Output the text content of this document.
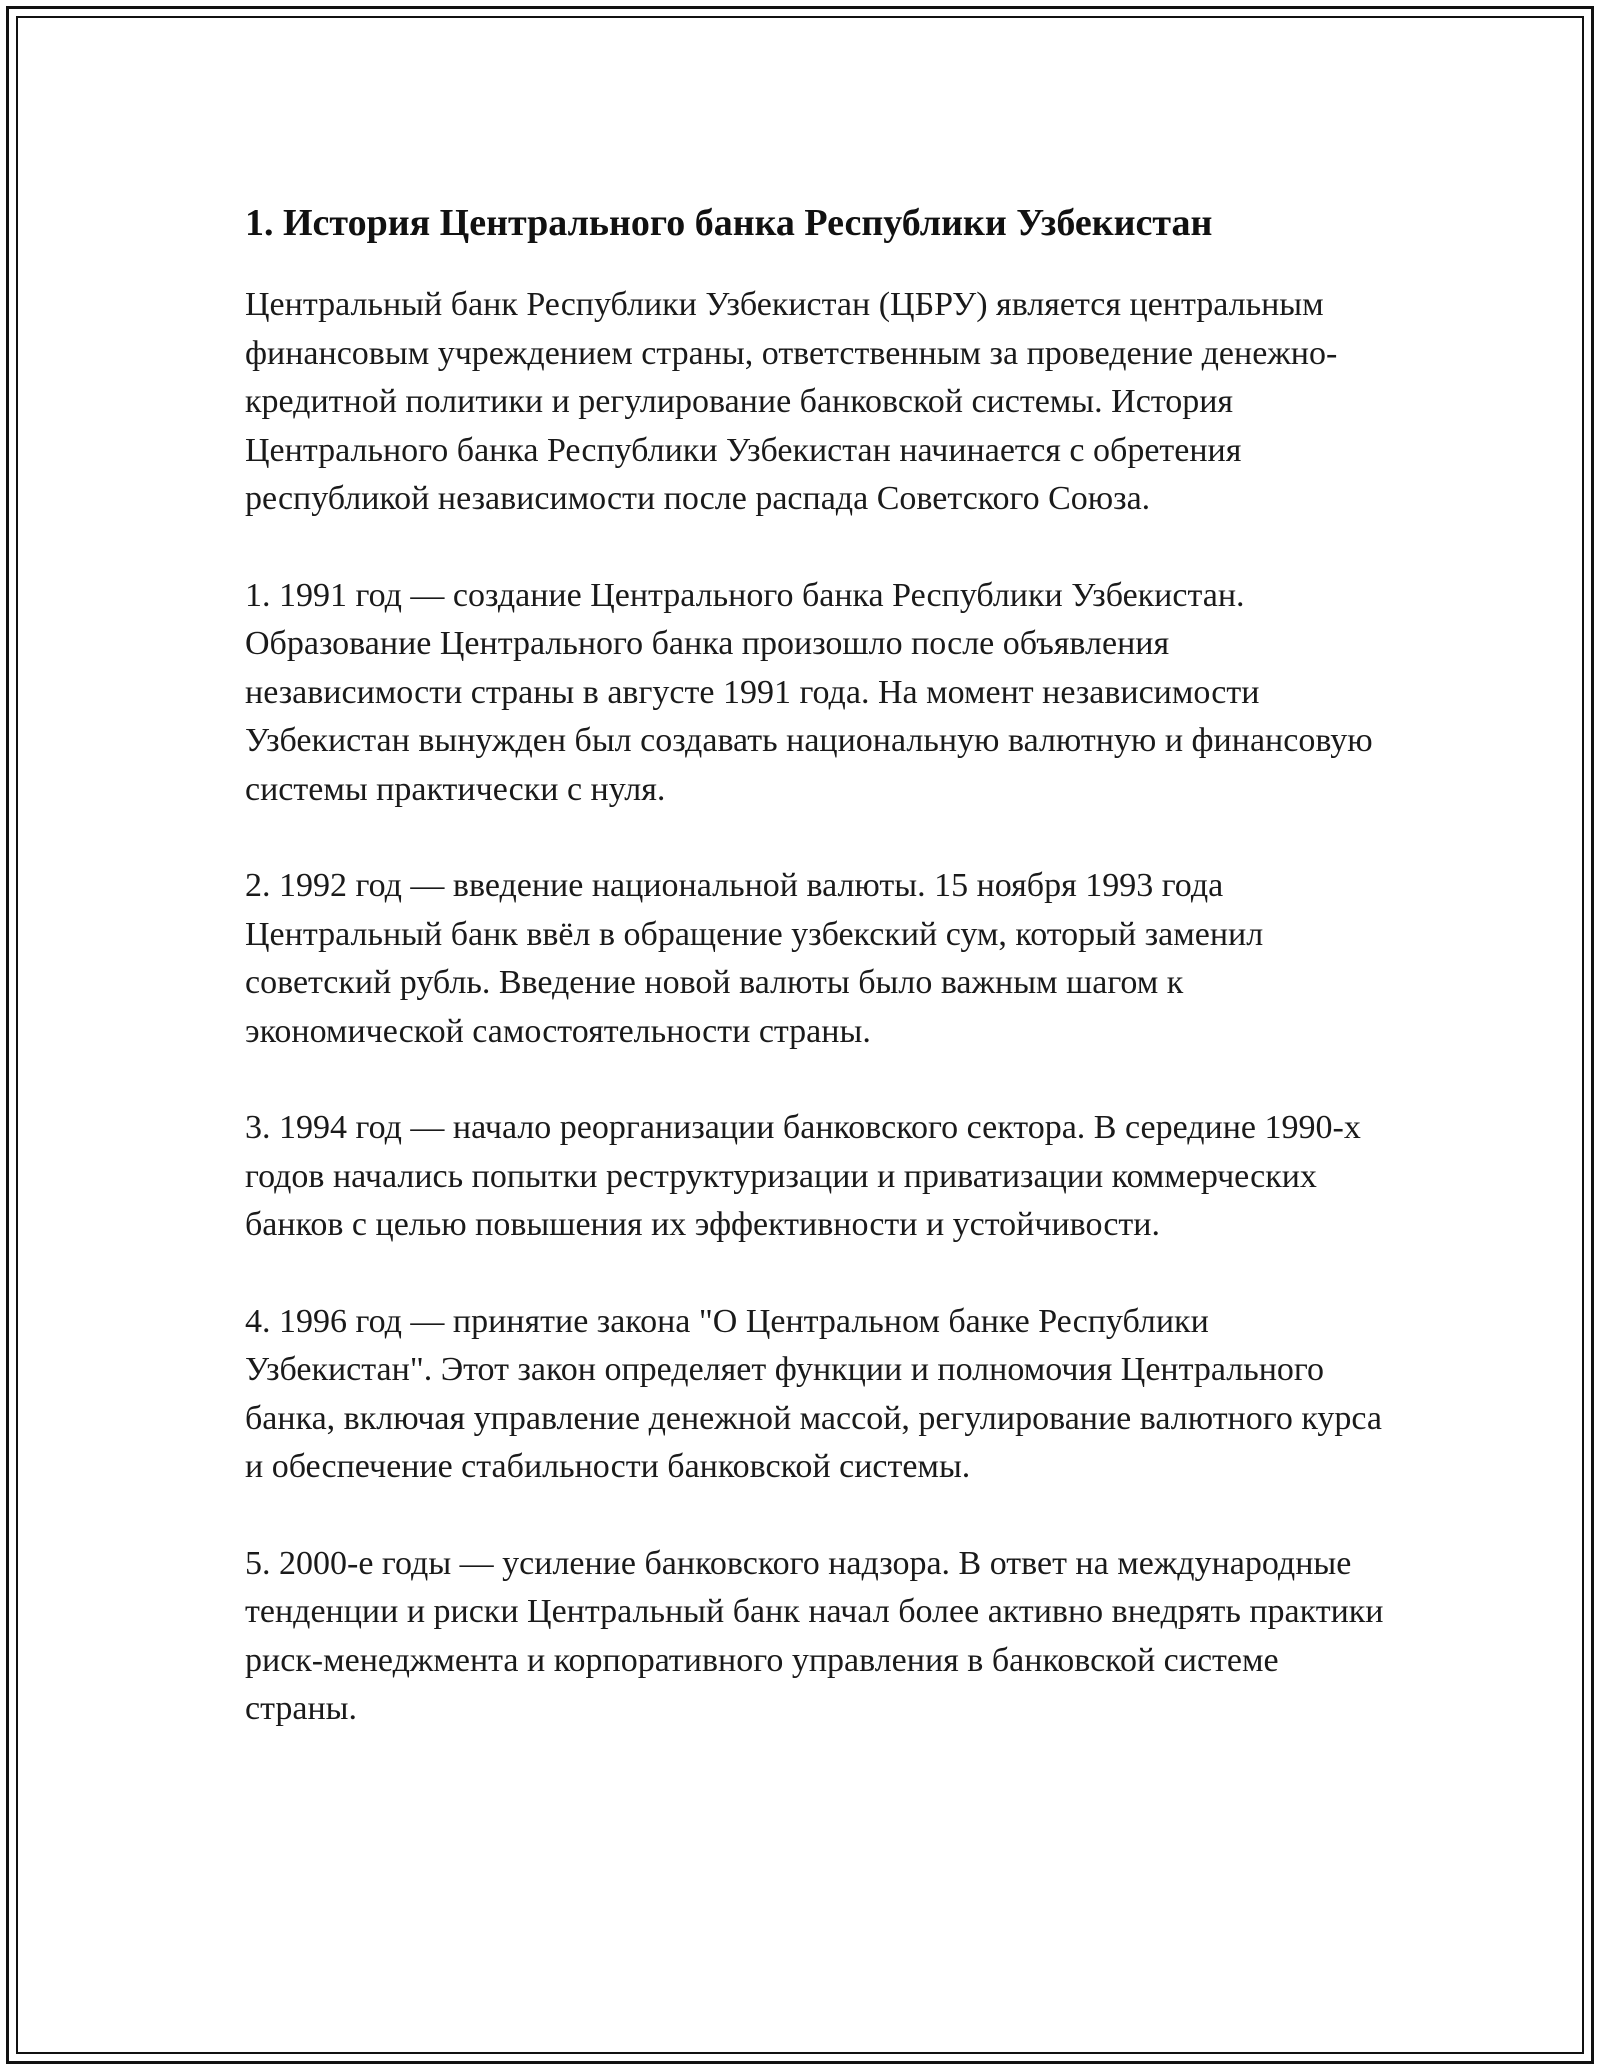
1. История Центрального банка Республики Узбекистан

Центральный банк Республики Узбекистан (ЦБРУ) является центральным финансовым учреждением страны, ответственным за проведение денежно-кредитной политики и регулирование банковской системы. История Центрального банка Республики Узбекистан начинается с обретения республикой независимости после распада Советского Союза.

1. 1991 год — создание Центрального банка Республики Узбекистан. Образование Центрального банка произошло после объявления независимости страны в августе 1991 года. На момент независимости Узбекистан вынужден был создавать национальную валютную и финансовую системы практически с нуля.

2. 1992 год — введение национальной валюты. 15 ноября 1993 года Центральный банк ввёл в обращение узбекский сум, который заменил советский рубль. Введение новой валюты было важным шагом к экономической самостоятельности страны.

3. 1994 год — начало реорганизации банковского сектора. В середине 1990-х годов начались попытки реструктуризации и приватизации коммерческих банков с целью повышения их эффективности и устойчивости.

4. 1996 год — принятие закона "О Центральном банке Республики Узбекистан". Этот закон определяет функции и полномочия Центрального банка, включая управление денежной массой, регулирование валютного курса и обеспечение стабильности банковской системы.

5. 2000-е годы — усиление банковского надзора. В ответ на международные тенденции и риски Центральный банк начал более активно внедрять практики риск-менеджмента и корпоративного управления в банковской системе страны.
